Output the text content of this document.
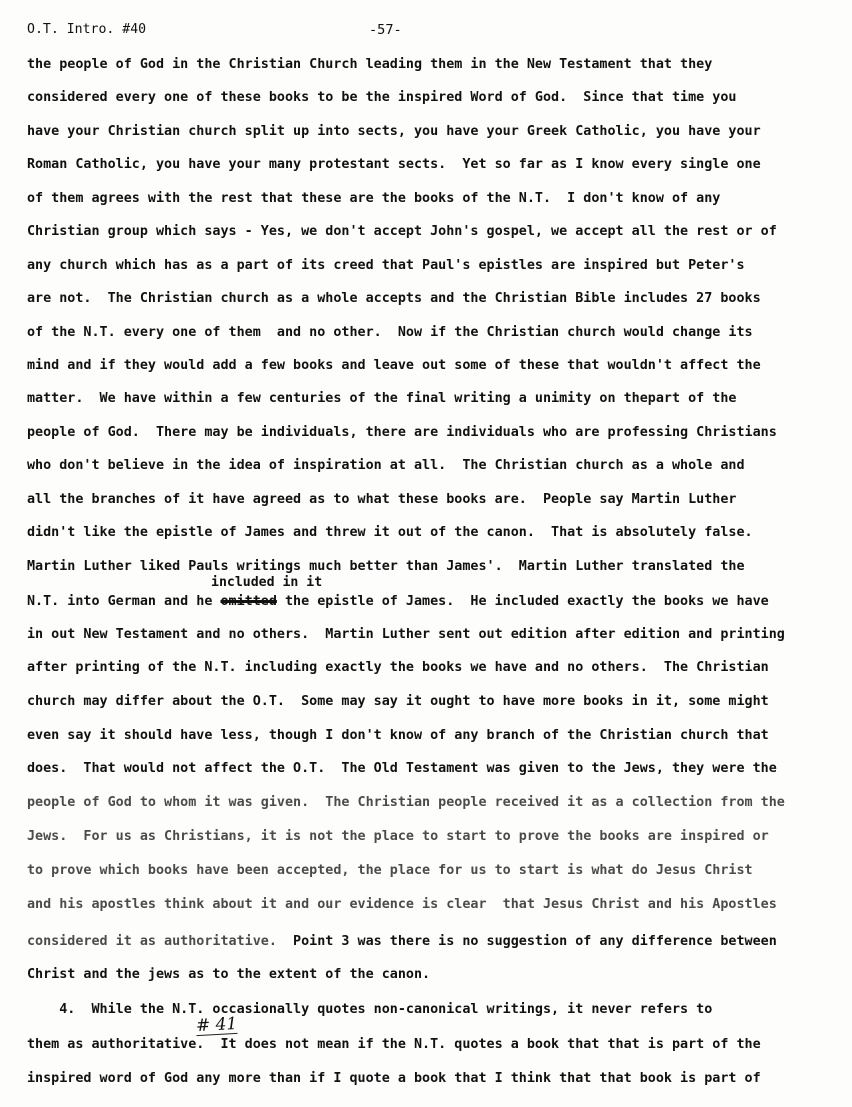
O.T. Intro. #40	-57-
the people of God in the Christian Church leading them in the New Testament that they
considered every one of these books to be the inspired Word of God.  Since that time you
have your Christian church split up into sects, you have your Greek Catholic, you have your
Roman Catholic, you have your many protestant sects.  Yet so far as I know every single one
of them agrees with the rest that these are the books of the N.T.  I don't know of any
Christian group which says - Yes, we don't accept John's gospel, we accept all the rest or of
any church which has as a part of its creed that Paul's epistles are inspired but Peter's
are not.  The Christian church as a whole accepts and the Christian Bible includes 27 books
of the N.T. every one of them  and no other.  Now if the Christian church would change its
mind and if they would add a few books and leave out some of these that wouldn't affect the
matter.  We have within a few centuries of the final writing a unimity on thepart of the
people of God.  There may be individuals, there are individuals who are professing Christians
who don't believe in the idea of inspiration at all.  The Christian church as a whole and
all the branches of it have agreed as to what these books are.  People say Martin Luther
didn't like the epistle of James and threw it out of the canon.  That is absolutely false.
Martin Luther liked Pauls writings much better than James'.  Martin Luther translated the
included in it
N.T. into German and he omitted the epistle of James.  He included exactly the books we have
in out New Testament and no others.  Martin Luther sent out edition after edition and printing
after printing of the N.T. including exactly the books we have and no others.  The Christian
church may differ about the O.T.  Some may say it ought to have more books in it, some might
even say it should have less, though I don't know of any branch of the Christian church that
does.  That would not affect the O.T.  The Old Testament was given to the Jews, they were the
people of God to whom it was given.  The Christian people received it as a collection from the
Jews.  For us as Christians, it is not the place to start to prove the books are inspired or
to prove which books have been accepted, the place for us to start is what do Jesus Christ
and his apostles think about it and our evidence is clear  that Jesus Christ and his Apostles
considered it as authoritative.  Point 3 was there is no suggestion of any difference between
Christ and the jews as to the extent of the canon.
4.  While the N.T. occasionally quotes non-canonical writings, it never refers to
them as authoritative.  It does not mean if the N.T. quotes a book that that is part of the
inspired word of God any more than if I quote a book that I think that that book is part of
# 41
